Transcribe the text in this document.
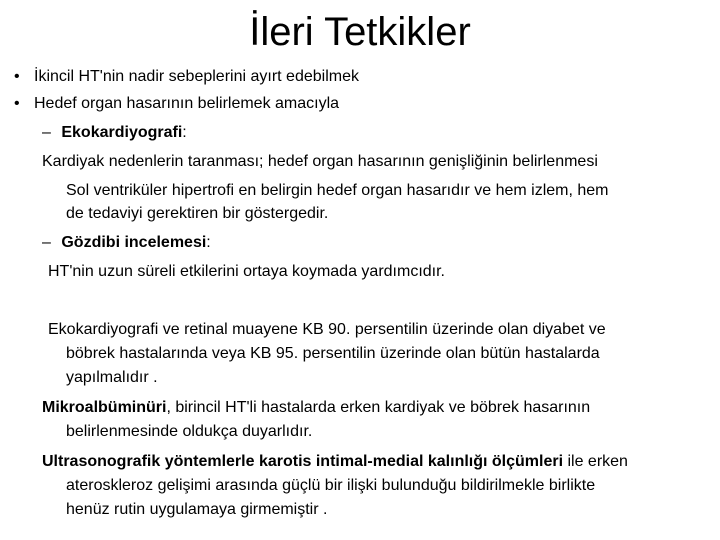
İleri Tetkikler
• İkincil HT'nin nadir sebeplerini ayırt edebilmek
• Hedef organ hasarının belirlemek amacıyla
– Ekokardiyografi:
Kardiyak nedenlerin taranması; hedef organ hasarının genişliğinin belirlenmesi
Sol ventriküler hipertrofi en belirgin hedef organ hasarıdır ve hem izlem, hem
de tedaviyi gerektiren bir göstergedir.
– Gözdibi incelemesi:
HT'nin uzun süreli etkilerini ortaya koymada yardımcıdır.
Ekokardiyografi ve retinal muayene KB 90. persentilin üzerinde olan diyabet ve
böbrek hastalarında veya KB 95. persentilin üzerinde olan bütün hastalarda
yapılmalıdır .
Mikroalbüminüri, birincil HT'li hastalarda erken kardiyak ve böbrek hasarının
belirlenmesinde oldukça duyarlıdır.
Ultrasonografik yöntemlerle karotis intimal-medial kalınlığı ölçümleri ile erken
ateroskleroz gelişimi arasında güçlü bir ilişki bulunduğu bildirilmekle birlikte
henüz rutin uygulamaya girmemiştir .
